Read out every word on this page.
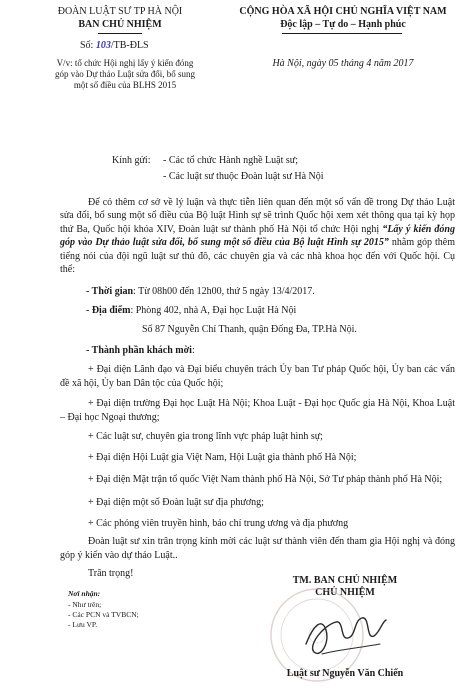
ĐOÀN LUẬT SƯ TP HÀ NỘI
BAN CHỦ NHIỆM
Số: 103/TB-ĐLS
V/v: tổ chức Hội nghị lấy ý kiến đóng
góp vào Dự thảo Luật sửa đổi, bổ sung
một số điều của BLHS 2015
CỘNG HÒA XÃ HỘI CHỦ NGHĨA VIỆT NAM
Độc lập – Tự do – Hạnh phúc
Hà Nội, ngày 05 tháng 4 năm 2017
Kính gửi: - Các tổ chức Hành nghề Luật sư;
- Các luật sư thuộc Đoàn luật sư Hà Nội
Để có thêm cơ sở về lý luận và thực tiễn liên quan đến một số vấn đề trong Dự thảo Luật sửa đổi, bổ sung một số điều của Bộ luật Hình sự sẽ trình Quốc hội xem xét thông qua tại kỳ họp thứ Ba, Quốc hội khóa XIV, Đoàn luật sư thành phố Hà Nội tổ chức Hội nghị “Lấy ý kiến đóng góp vào Dự thảo luật sửa đổi, bổ sung một số điều của Bộ luật Hình sự 2015” nhằm góp thêm tiếng nói của đội ngũ luật sư thủ đô, các chuyên gia và các nhà khoa học đến với Quốc hội. Cụ thể:
- Thời gian: Từ 08h00 đến 12h00, thứ 5 ngày 13/4/2017.
- Địa điểm: Phòng 402, nhà A, Đại học Luật Hà Nội
Số 87 Nguyễn Chí Thanh, quận Đống Đa, TP.Hà Nội.
- Thành phần khách mời:
+ Đại diện Lãnh đạo và Đại biểu chuyên trách Ủy ban Tư pháp Quốc hội, Ủy ban các vấn đề xã hội, Ủy ban Dân tộc của Quốc hội;
+ Đại diện trường Đại học Luật Hà Nội; Khoa Luật - Đại học Quốc gia Hà Nội, Khoa Luật – Đại học Ngoại thương;
+ Các luật sư, chuyên gia trong lĩnh vực pháp luật hình sự;
+ Đại diện Hội Luật gia Việt Nam, Hội Luật gia thành phố Hà Nội;
+ Đại diện Mặt trận tổ quốc Việt Nam thành phố Hà Nội, Sở Tư pháp thành phố Hà Nội;
+ Đại diện một số Đoàn luật sư địa phương;
+ Các phóng viên truyền hình, báo chí trung ương và địa phương
Đoàn luật sư xin trân trọng kính mời các luật sư thành viên đến tham gia Hội nghị và đóng góp ý kiến vào dự thảo Luật..
Trân trọng!
Nơi nhận:
- Như trên;
- Các PCN và TVBCN;
- Lưu VP.
TM. BAN CHỦ NHIỆM
CHỦ NHIỆM
Luật sư Nguyễn Văn Chiến
